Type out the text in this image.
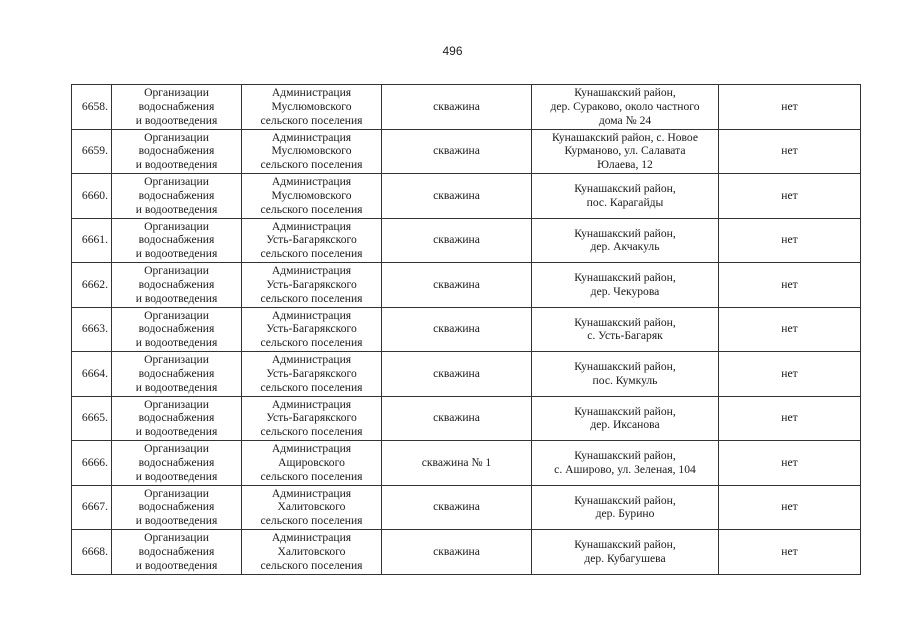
496
6658.	Организации
водоснабжения
и водоотведения	Администрация
Муслюмовского
сельского поселения	скважина	Кунашакский район,
дер. Сураково, около частного
дома № 24	нет

6659.	Организации
водоснабжения
и водоотведения	Администрация
Муслюмовского
сельского поселения	скважина	Кунашакский район, с. Новое
Курманово, ул. Салавата
Юлаева, 12	нет

6660.	Организации
водоснабжения
и водоотведения	Администрация
Муслюмовского
сельского поселения	скважина	Кунашакский район,
пос. Карагайды	нет

6661.	Организации
водоснабжения
и водоотведения	Администрация
Усть-Багарякского
сельского поселения	скважина	Кунашакский район,
дер. Акчакуль	нет

6662.	Организации
водоснабжения
и водоотведения	Администрация
Усть-Багарякского
сельского поселения	скважина	Кунашакский район,
дер. Чекурова	нет

6663.	Организации
водоснабжения
и водоотведения	Администрация
Усть-Багарякского
сельского поселения	скважина	Кунашакский район,
с. Усть-Багаряк	нет

6664.	Организации
водоснабжения
и водоотведения	Администрация
Усть-Багарякского
сельского поселения	скважина	Кунашакский район,
пос. Кумкуль	нет

6665.	Организации
водоснабжения
и водоотведения	Администрация
Усть-Багарякского
сельского поселения	скважина	Кунашакский район,
дер. Иксанова	нет

6666.	Организации
водоснабжения
и водоотведения	Администрация
Ащировского
сельского поселения	скважина № 1	Кунашакский район,
с. Аширово, ул. Зеленая, 104	нет

6667.	Организации
водоснабжения
и водоотведения	Администрация
Халитовского
сельского поселения	скважина	Кунашакский район,
дер. Бурино	нет

6668.	Организации
водоснабжения
и водоотведения	Администрация
Халитовского
сельского поселения	скважина	Кунашакский район,
дер. Кубагушева	нет
